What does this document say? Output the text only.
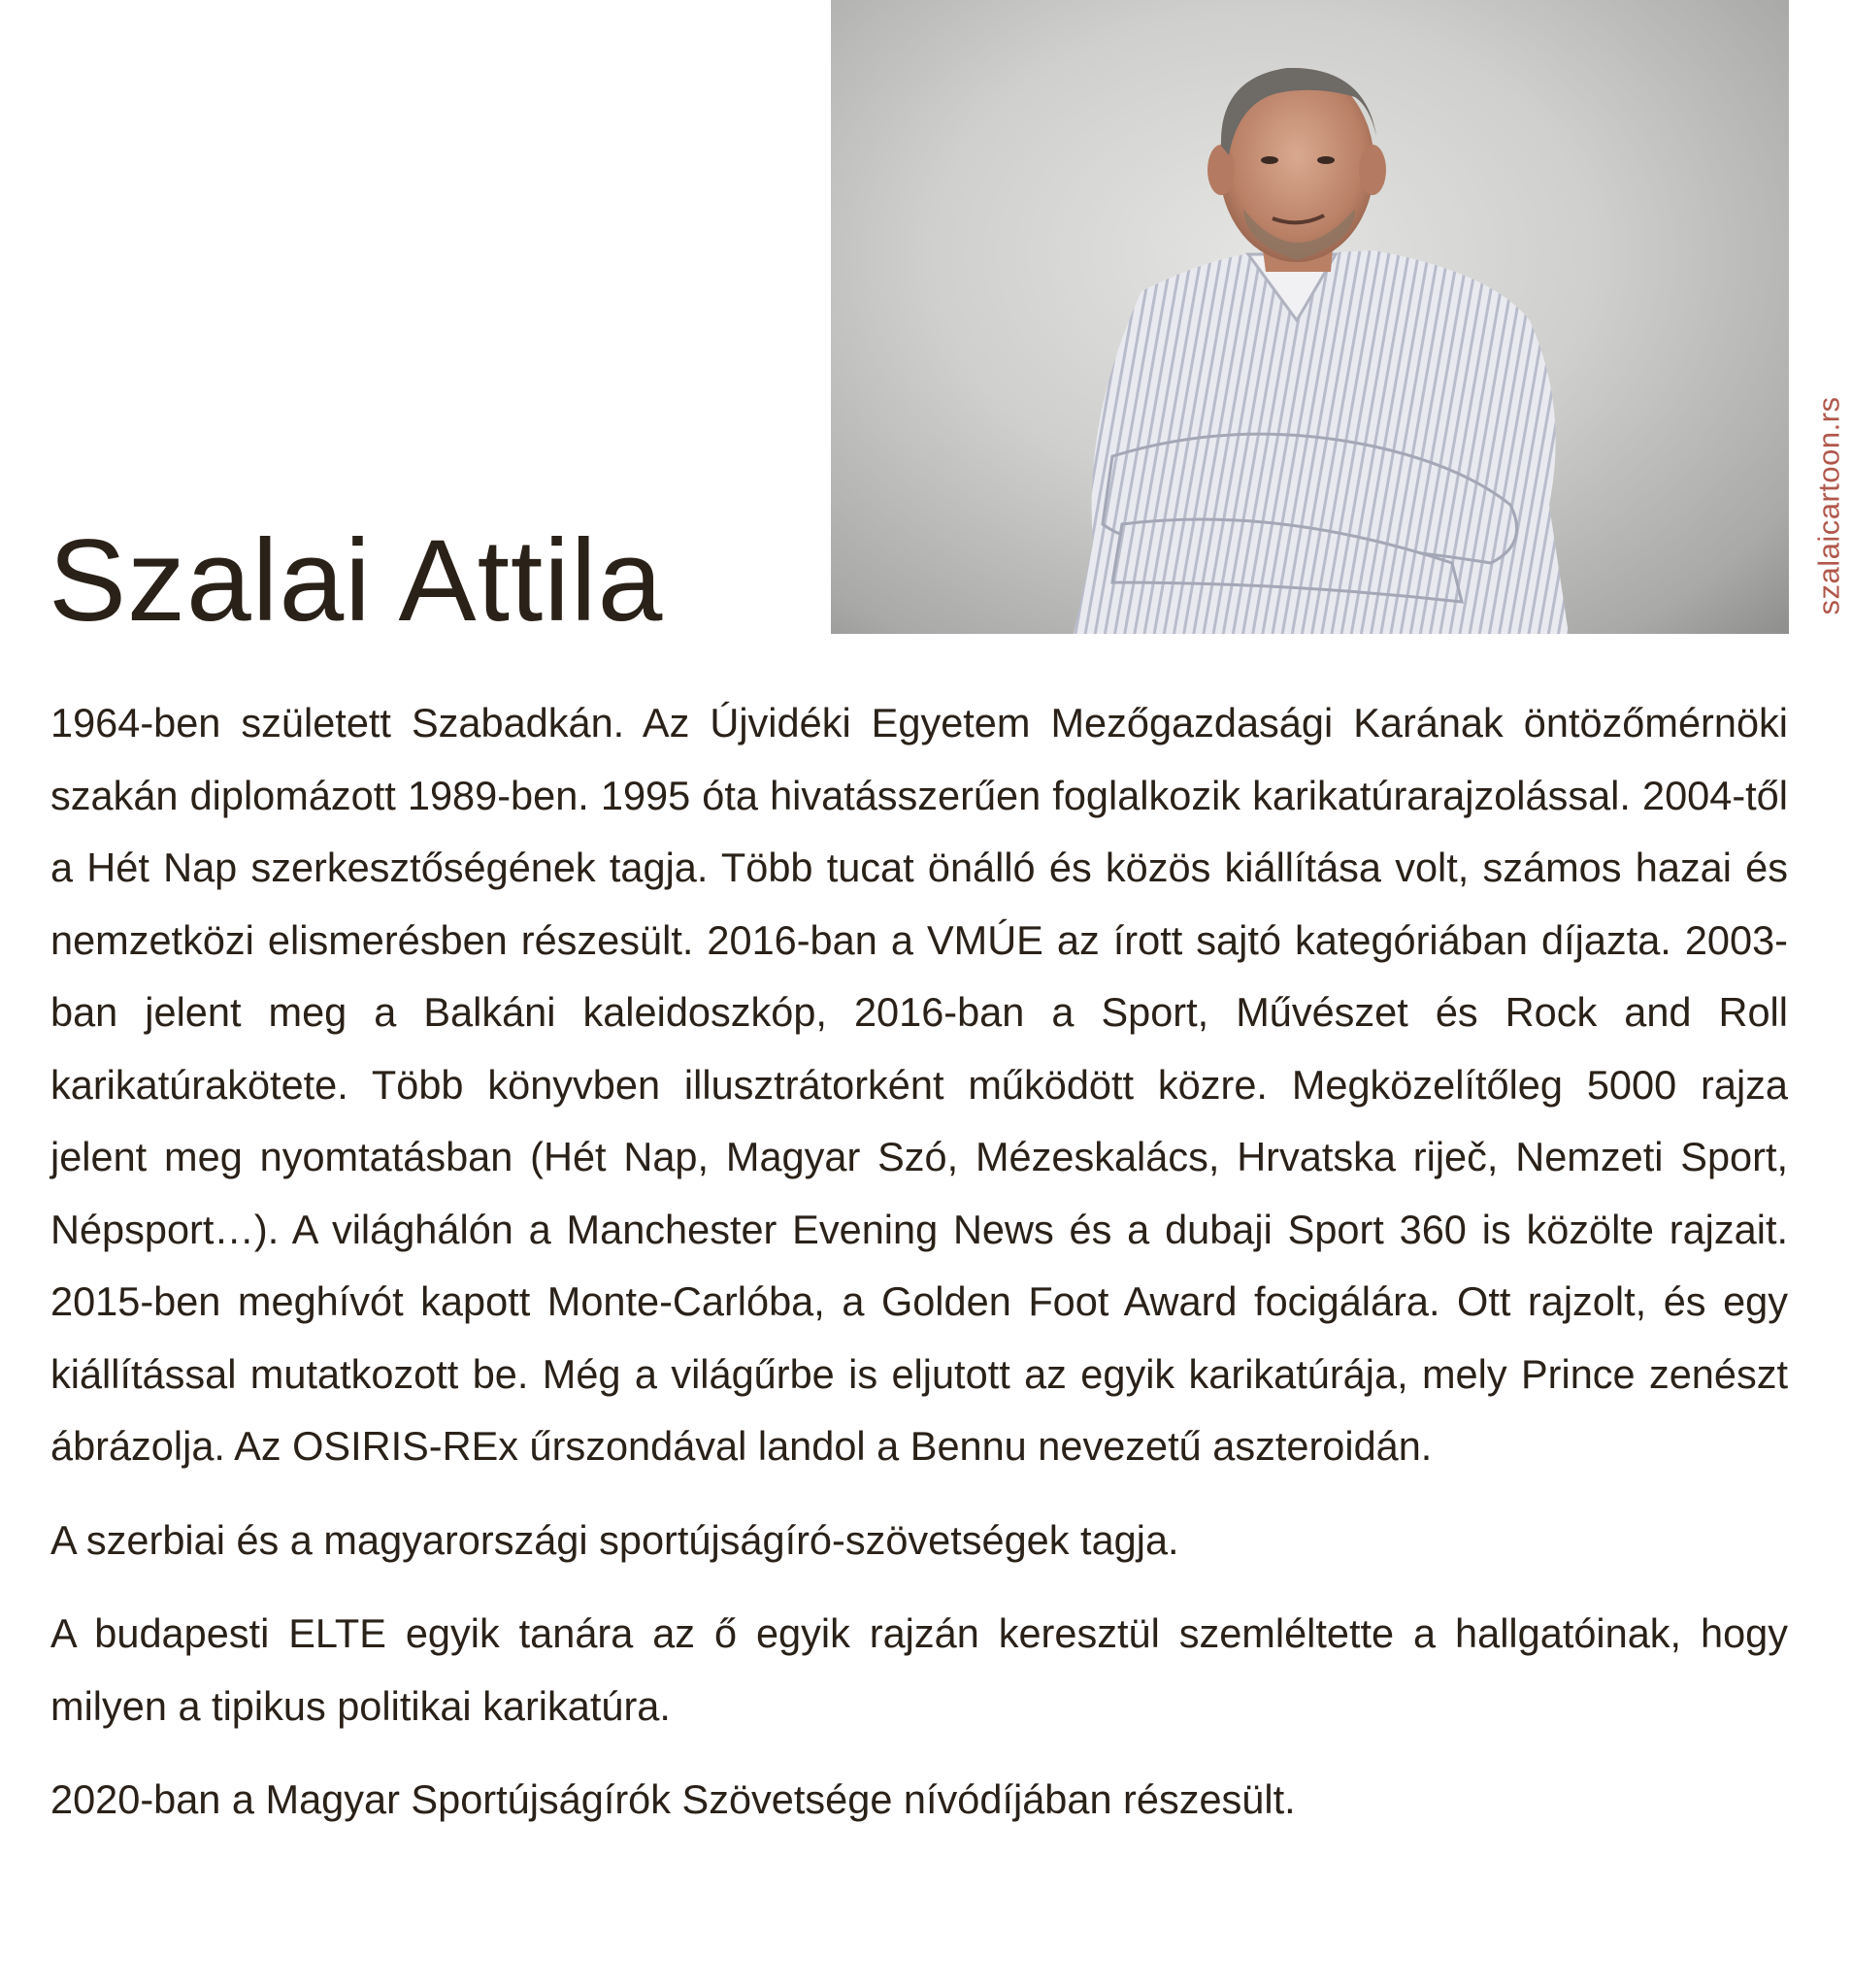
szalaicartoon.rs
Szalai Attila

1964-ben született Szabadkán. Az Újvidéki Egyetem Mezőgazdasági Karának öntözőmérnöki szakán diplomázott 1989-ben. 1995 óta hivatásszerűen foglalkozik karikatúrarajzolással. 2004-től a Hét Nap szerkesztőségének tagja. Több tucat önálló és közös kiállítása volt, számos hazai és nemzetközi elismerésben részesült. 2016-ban a VMÚE az írott sajtó kategóriában díjazta. 2003-ban jelent meg a Balkáni kaleidoszkóp, 2016-ban a Sport, Művészet és Rock and Roll karikatúrakötete. Több könyvben illusztrátorként működött közre. Megközelítőleg 5000 rajza jelent meg nyomtatásban (Hét Nap, Magyar Szó, Mézeskalács, Hrvatska riječ, Nemzeti Sport, Népsport…). A világhálón a Manchester Evening News és a dubaji Sport 360 is közölte rajzait. 2015-ben meghívót kapott Monte-Carlóba, a Golden Foot Award focigálára. Ott rajzolt, és egy kiállítással mutatkozott be. Még a világűrbe is eljutott az egyik karikatúrája, mely Prince zenészt ábrázolja. Az OSIRIS-REx űrszondával landol a Bennu nevezetű aszteroidán.

A szerbiai és a magyarországi sportújságíró-szövetségek tagja.

A budapesti ELTE egyik tanára az ő egyik rajzán keresztül szemléltette a hallgatóinak, hogy milyen a tipikus politikai karikatúra.

2020-ban a Magyar Sportújságírók Szövetsége nívódíjában részesült.
